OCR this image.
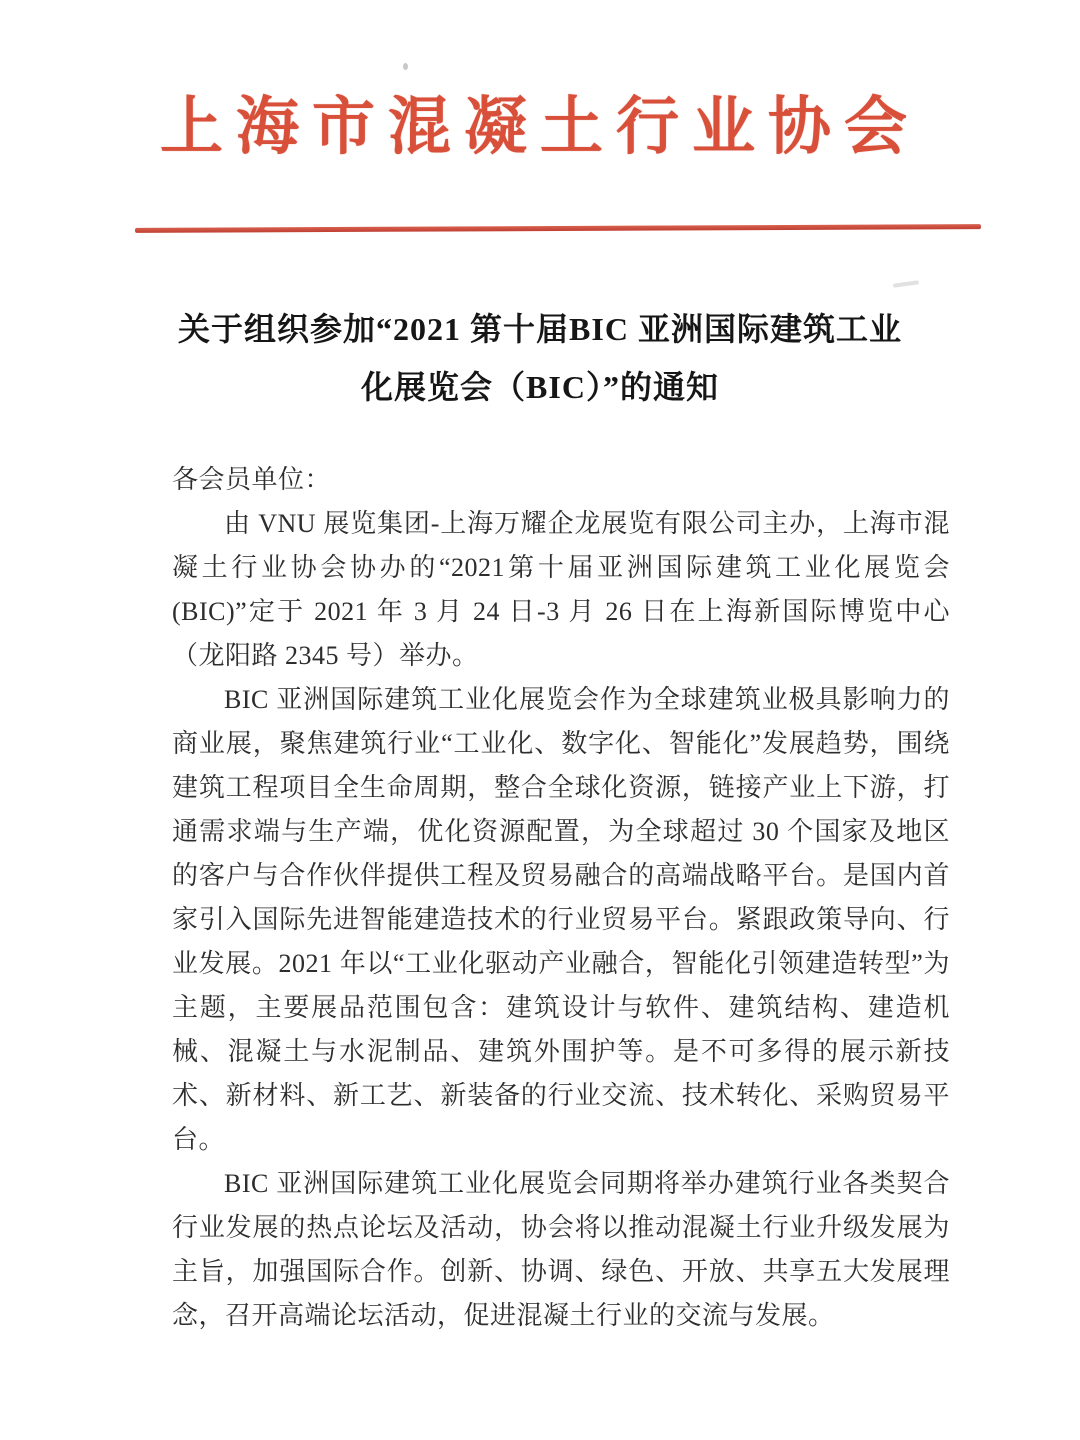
上海市混凝土行业协会
关于组织参加“2021 第十届BIC 亚洲国际建筑工业
化展览会（BIC）”的通知
各会员单位：

由 VNU 展览集团-上海万耀企龙展览有限公司主办，上海市混凝土行业协会协办的“2021第十届亚洲国际建筑工业化展览会(BIC)”定于 2021 年 3 月 24 日-3 月 26 日在上海新国际博览中心（龙阳路 2345 号）举办。

BIC 亚洲国际建筑工业化展览会作为全球建筑业极具影响力的商业展，聚焦建筑行业“工业化、数字化、智能化”发展趋势，围绕建筑工程项目全生命周期，整合全球化资源，链接产业上下游，打通需求端与生产端，优化资源配置，为全球超过 30 个国家及地区的客户与合作伙伴提供工程及贸易融合的高端战略平台。是国内首家引入国际先进智能建造技术的行业贸易平台。紧跟政策导向、行业发展。2021 年以“工业化驱动产业融合，智能化引领建造转型”为主题，主要展品范围包含：建筑设计与软件、建筑结构、建造机械、混凝土与水泥制品、建筑外围护等。是不可多得的展示新技术、新材料、新工艺、新装备的行业交流、技术转化、采购贸易平台。

BIC 亚洲国际建筑工业化展览会同期将举办建筑行业各类契合行业发展的热点论坛及活动，协会将以推动混凝土行业升级发展为主旨，加强国际合作。创新、协调、绿色、开放、共享五大发展理念，召开高端论坛活动，促进混凝土行业的交流与发展。
